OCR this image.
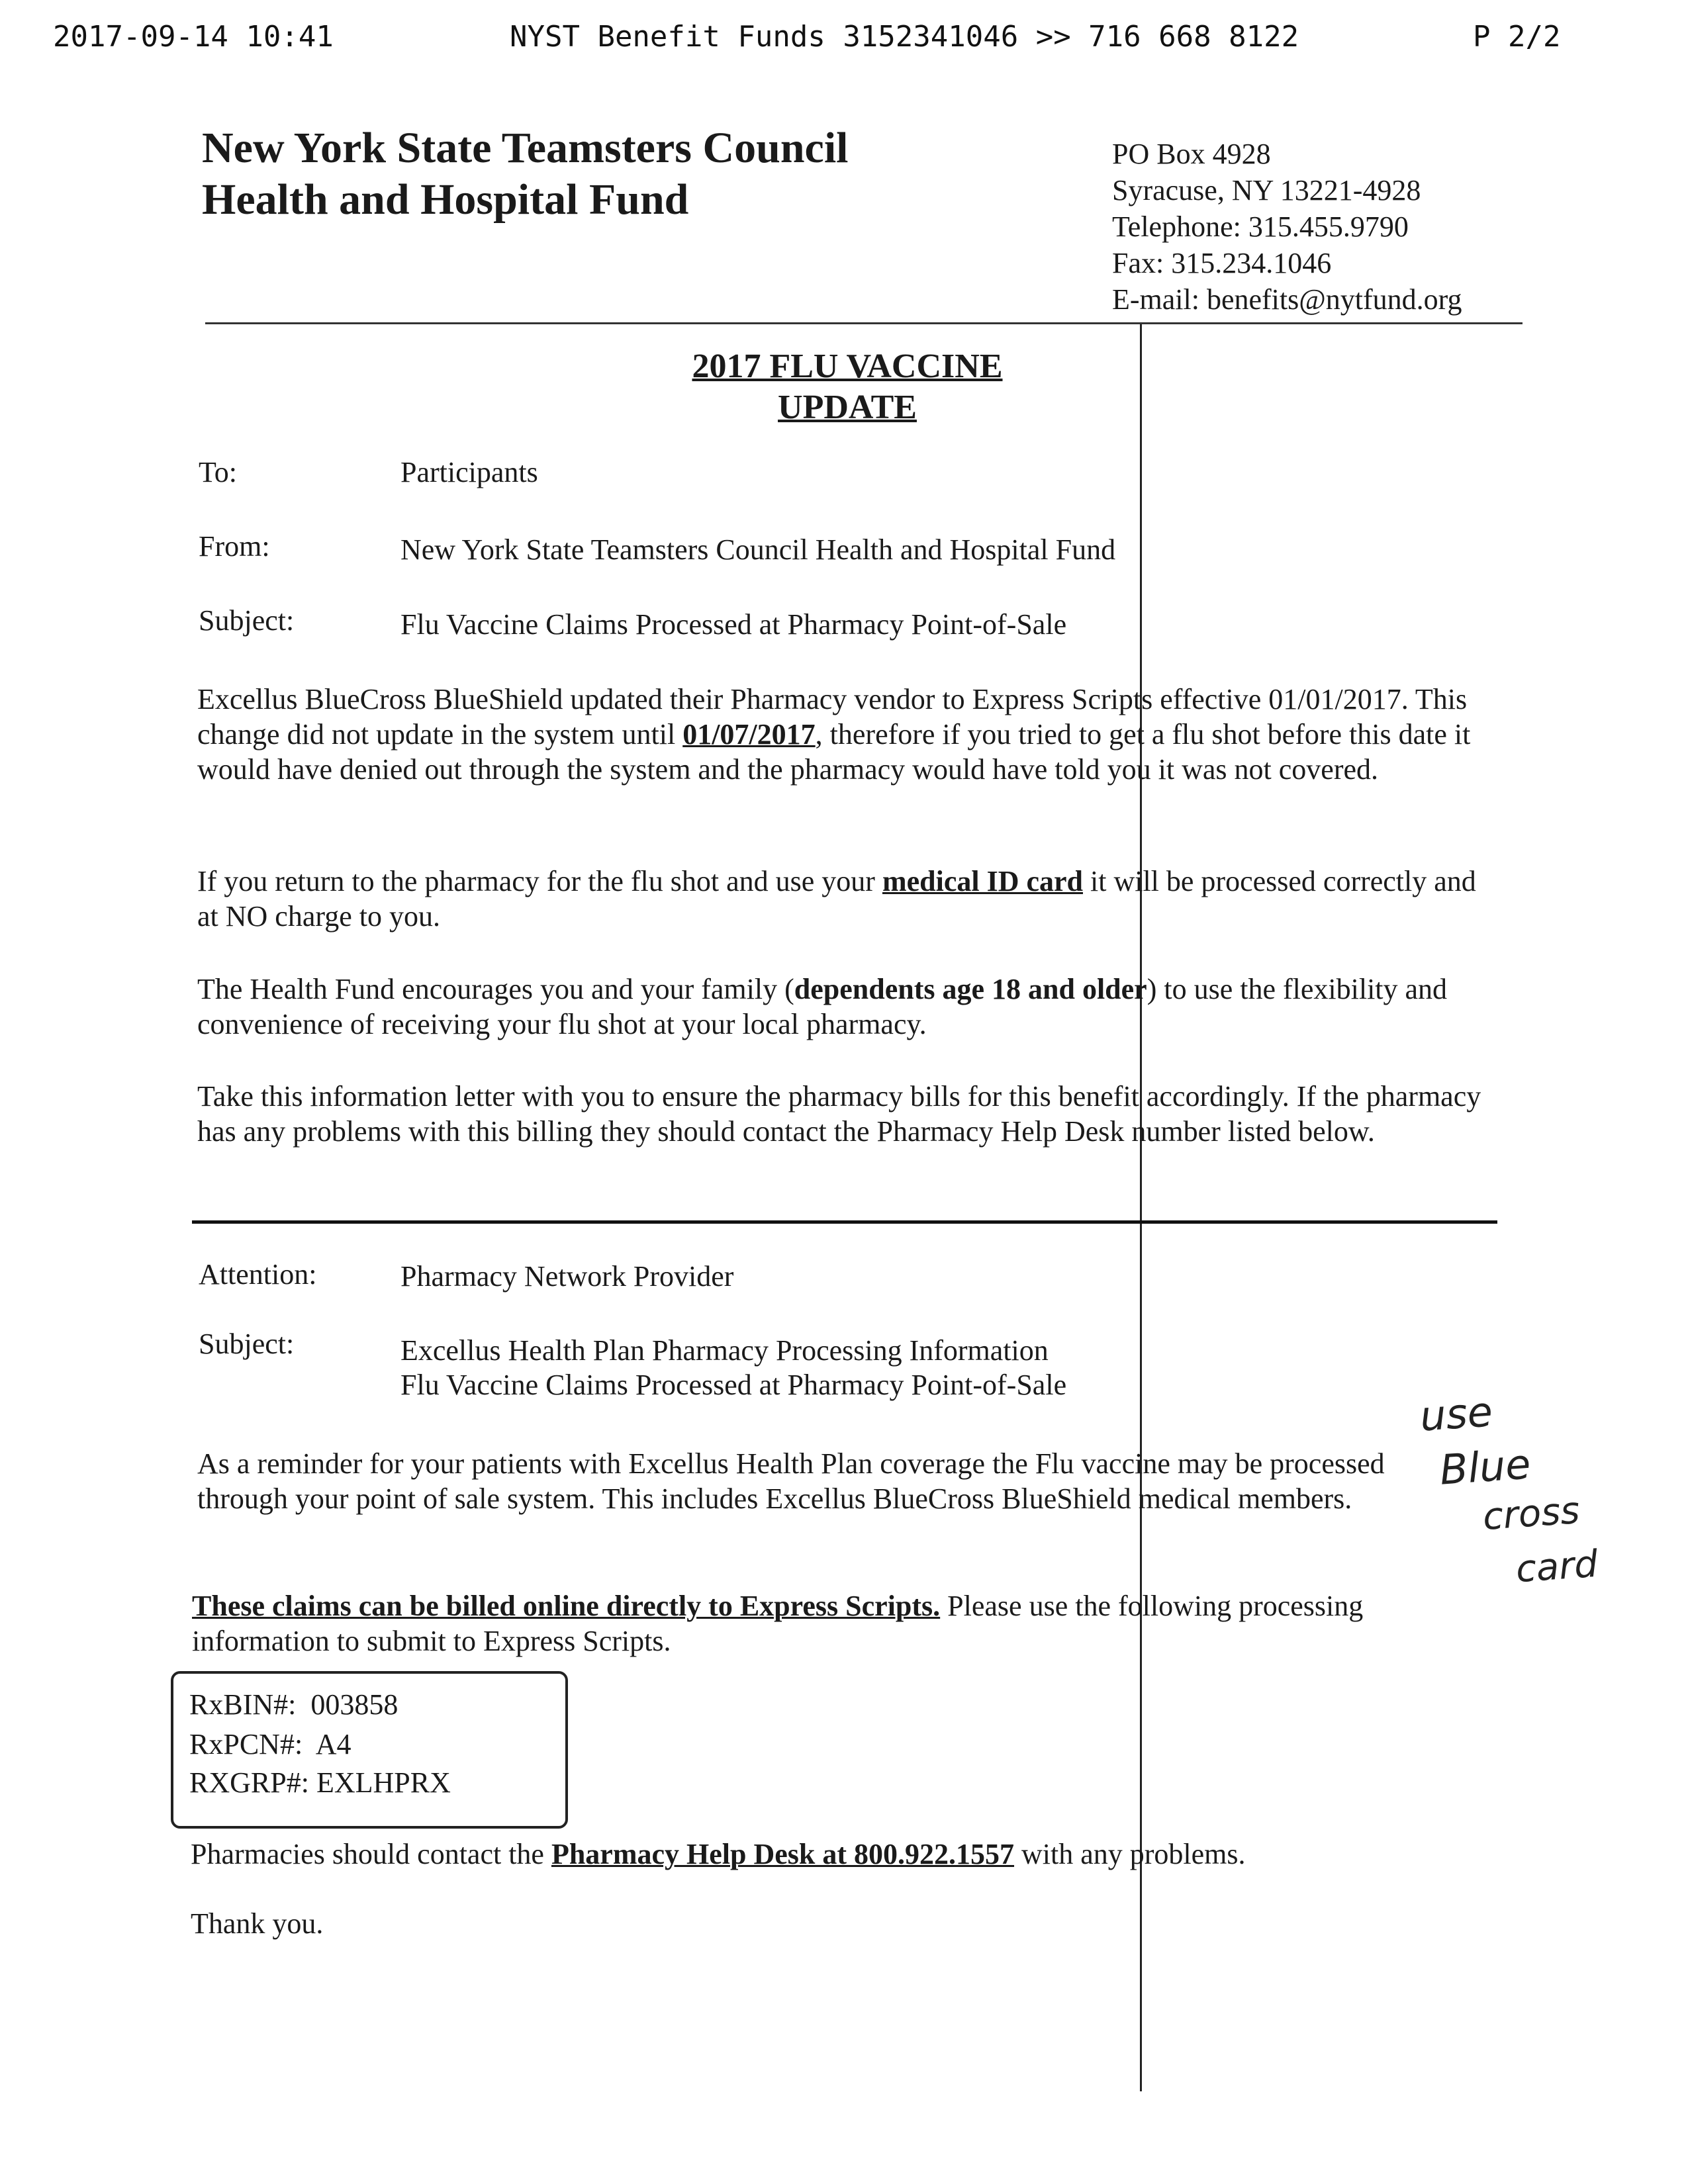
2017-09-14 10:41	NYST Benefit Funds 3152341046 >> 716 668 8122	P 2/2
New York State Teamsters Council
Health and Hospital Fund
PO Box 4928
Syracuse, NY 13221-4928
Telephone: 315.455.9790
Fax: 315.234.1046
E-mail: benefits@nytfund.org
2017 FLU VACCINE
UPDATE
To:	Participants
From:	New York State Teamsters Council Health and Hospital Fund
Subject:	Flu Vaccine Claims Processed at Pharmacy Point-of-Sale
Excellus BlueCross BlueShield updated their Pharmacy vendor to Express Scripts effective 01/01/2017. This change did not update in the system until 01/07/2017, therefore if you tried to get a flu shot before this date it would have denied out through the system and the pharmacy would have told you it was not covered.
If you return to the pharmacy for the flu shot and use your medical ID card it will be processed correctly and at NO charge to you.
The Health Fund encourages you and your family (dependents age 18 and older) to use the flexibility and convenience of receiving your flu shot at your local pharmacy.
Take this information letter with you to ensure the pharmacy bills for this benefit accordingly. If the pharmacy has any problems with this billing they should contact the Pharmacy Help Desk number listed below.
Attention:	Pharmacy Network Provider
Subject:	Excellus Health Plan Pharmacy Processing Information
Flu Vaccine Claims Processed at Pharmacy Point-of-Sale
As a reminder for your patients with Excellus Health Plan coverage the Flu vaccine may be processed through your point of sale system. This includes Excellus BlueCross BlueShield medical members.
These claims can be billed online directly to Express Scripts. Please use the following processing information to submit to Express Scripts.
RxBIN#:  003858
RxPCN#:  A4
RXGRP#: EXLHPRX
Pharmacies should contact the Pharmacy Help Desk at 800.922.1557 with any problems.
Thank you.
use
Blue
cross
card
